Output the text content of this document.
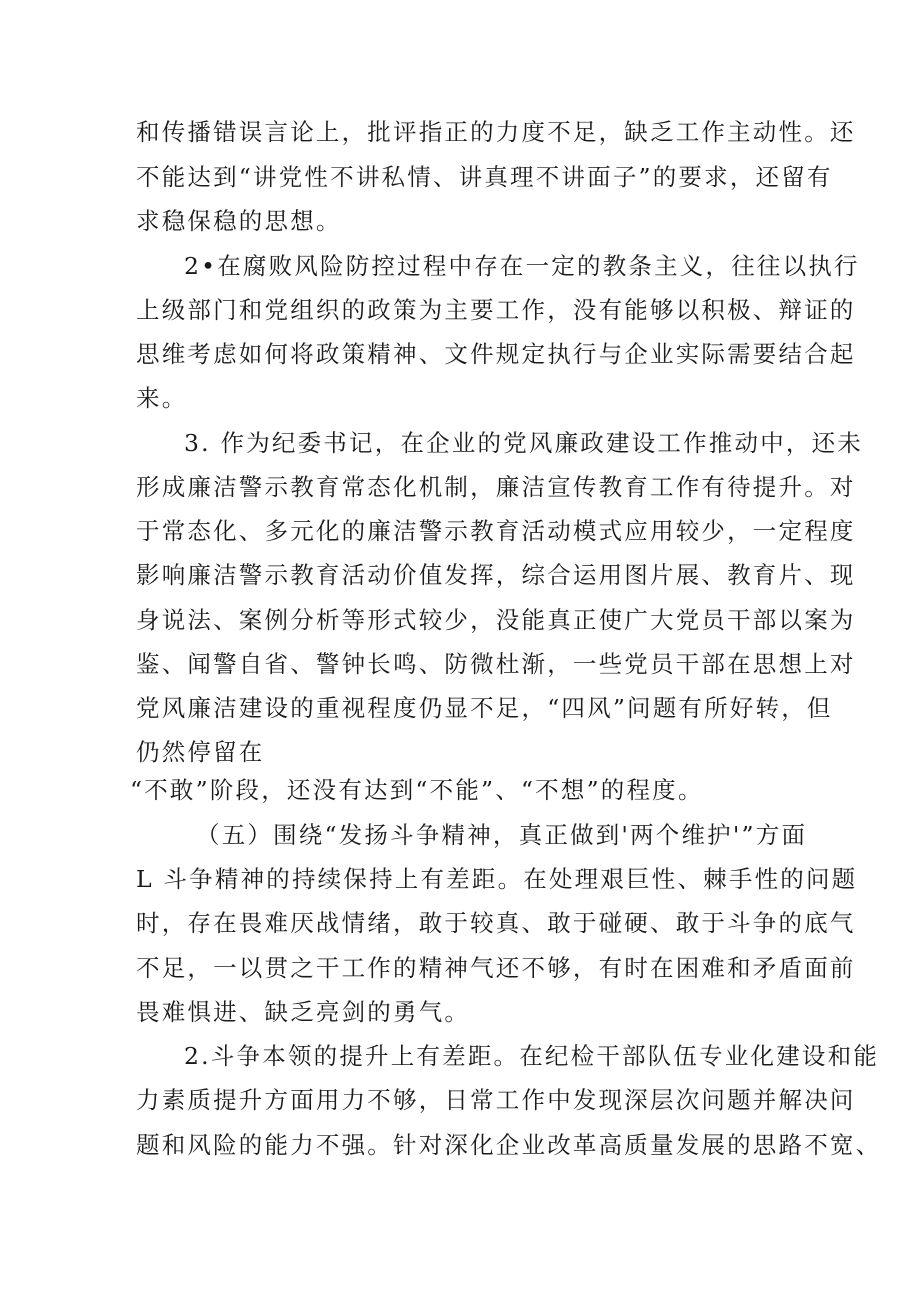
和传播错误言论上，批评指正的力度不足，缺乏工作主动性。还
不能达到“讲党性不讲私情、讲真理不讲面子”的要求，还留有
求稳保稳的思想。
2•在腐败风险防控过程中存在一定的教条主义，往往以执行
上级部门和党组织的政策为主要工作，没有能够以积极、辩证的
思维考虑如何将政策精神、文件规定执行与企业实际需要结合起
来。
3. 作为纪委书记，在企业的党风廉政建设工作推动中，还未
形成廉洁警示教育常态化机制，廉洁宣传教育工作有待提升。对
于常态化、多元化的廉洁警示教育活动模式应用较少，一定程度
影响廉洁警示教育活动价值发挥，综合运用图片展、教育片、现
身说法、案例分析等形式较少，没能真正使广大党员干部以案为
鉴、闻警自省、警钟长鸣、防微杜渐，一些党员干部在思想上对
党风廉洁建设的重视程度仍显不足，“四风”问题有所好转，但
仍然停留在
“不敢”阶段，还没有达到“不能”、“不想”的程度。
（五）围绕“发扬斗争精神，真正做到'两个维护'”方面
L 斗争精神的持续保持上有差距。在处理艰巨性、棘手性的问题
时，存在畏难厌战情绪，敢于较真、敢于碰硬、敢于斗争的底气
不足，一以贯之干工作的精神气还不够，有时在困难和矛盾面前
畏难惧进、缺乏亮剑的勇气。
2.斗争本领的提升上有差距。在纪检干部队伍专业化建设和能
力素质提升方面用力不够，日常工作中发现深层次问题并解决问
题和风险的能力不强。针对深化企业改革高质量发展的思路不宽、
